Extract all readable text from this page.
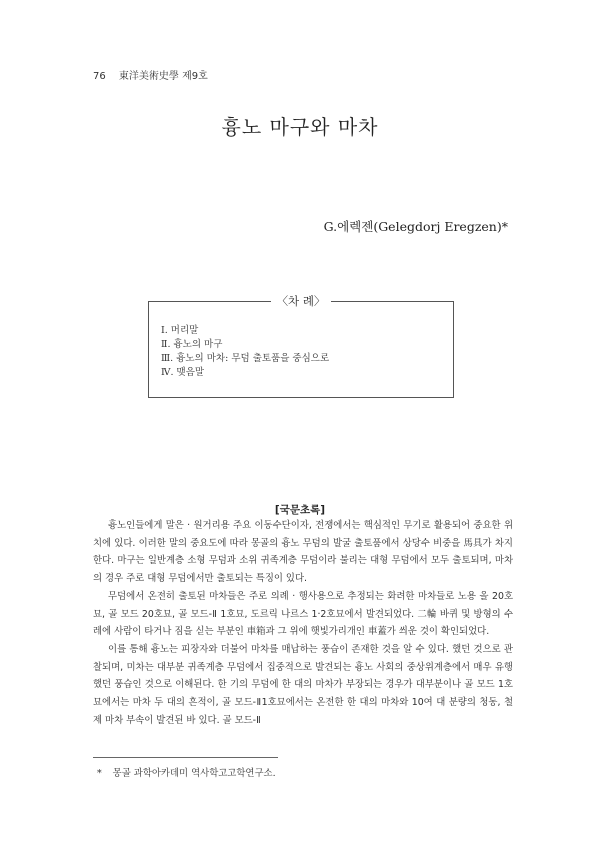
76 東洋美術史學 제9호
흉노 마구와 마차
G.에렉젠(Gelegdorj Eregzen)*
〈차 례〉
Ⅰ. 머리말
Ⅱ. 흉노의 마구
Ⅲ. 흉노의 마차: 무덤 출토품을 중심으로
Ⅳ. 맺음말
[국문초록]

흉노인들에게 말은 · 원거리용 주요 이동수단이자, 전쟁에서는 핵심적인 무기로 활용되어 중요한 위치에 있다. 이러한 말의 중요도에 따라 몽골의 흉노 무덤의 발굴 출토품에서 상당수 비중을 馬具가 차지한다. 마구는 일반계층 소형 무덤과 소위 귀족계층 무덤이라 불리는 대형 무덤에서 모두 출토되며, 마차의 경우 주로 대형 무덤에서만 출토되는 특징이 있다.

무덤에서 온전히 출토된 마차들은 주로 의례 · 행사용으로 추정되는 화려한 마차들로 노용 올 20호묘, 골 모드 20호묘, 골 모드-Ⅱ 1호묘, 도르릭 나르스 1·2호묘에서 발견되었다. 二輪 바퀴 및 방형의 수레에 사람이 타거나 짐을 싣는 부분인 車箱과 그 위에 햇빛가리개인 車蓋가 씌운 것이 확인되었다.

이를 통해 흉노는 피장자와 더불어 마차를 매납하는 풍습이 존재한 것을 알 수 있다. 했던 것으로 관찰되며, 미차는 대부분 귀족계층 무덤에서 집중적으로 발견되는 흉노 사회의 중상위계층에서 매우 유행했던 풍습인 것으로 이해된다. 한 기의 무덤에 한 대의 마차가 부장되는 경우가 대부분이나 골 모드 1호묘에서는 마차 두 대의 흔적이, 골 모드-Ⅱ1호묘에서는 온전한 한 대의 마차와 10여 대 분량의 청동, 철제 마차 부속이 발견된 바 있다. 골 모드-Ⅱ

* 몽골 과학아카데미 역사학고고학연구소.
